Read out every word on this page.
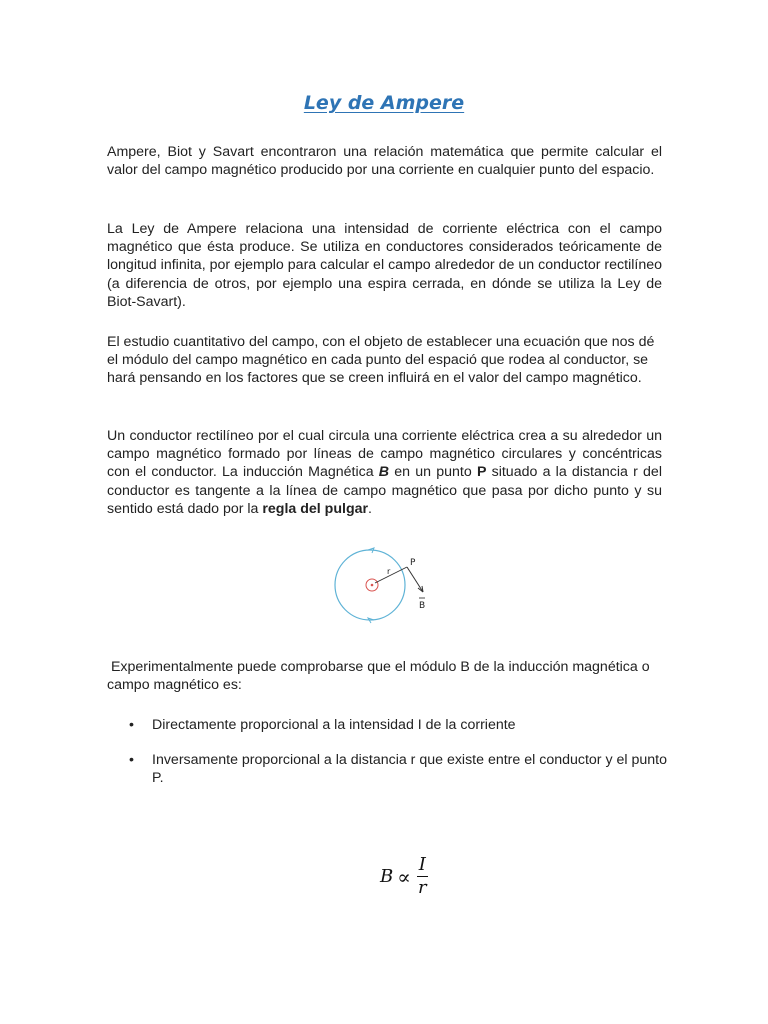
Ley de Ampere

Ampere, Biot y Savart encontraron una relación matemática que permite calcular el valor del campo magnético producido por una corriente en cualquier punto del espacio.

La Ley de Ampere relaciona una intensidad de corriente eléctrica con el campo magnético que ésta produce. Se utiliza en conductores considerados teóricamente de longitud infinita, por ejemplo para calcular el campo alrededor de un conductor rectilíneo (a diferencia de otros, por ejemplo una espira cerrada, en dónde se utiliza la Ley de Biot-Savart).

El estudio cuantitativo del campo, con el objeto de establecer una ecuación que nos dé el módulo del campo magnético en cada punto del espació que rodea al conductor, se hará pensando en los factores que se creen influirá en el valor del campo magnético.

Un conductor rectilíneo por el cual circula una corriente eléctrica crea a su alrededor un campo magnético formado por líneas de campo magnético circulares y concéntricas con el conductor. La inducción Magnética B en un punto P situado a la distancia r del conductor es tangente a la línea de campo magnético que pasa por dicho punto y su sentido está dado por la regla del pulgar.

P
r
B

Experimentalmente puede comprobarse que el módulo B de la inducción magnética o campo magnético es:

• Directamente proporcional a la intensidad I de la corriente
• Inversamente proporcional a la distancia r que existe entre el conductor y el punto P.
$B \propto \frac{I}{r}$
